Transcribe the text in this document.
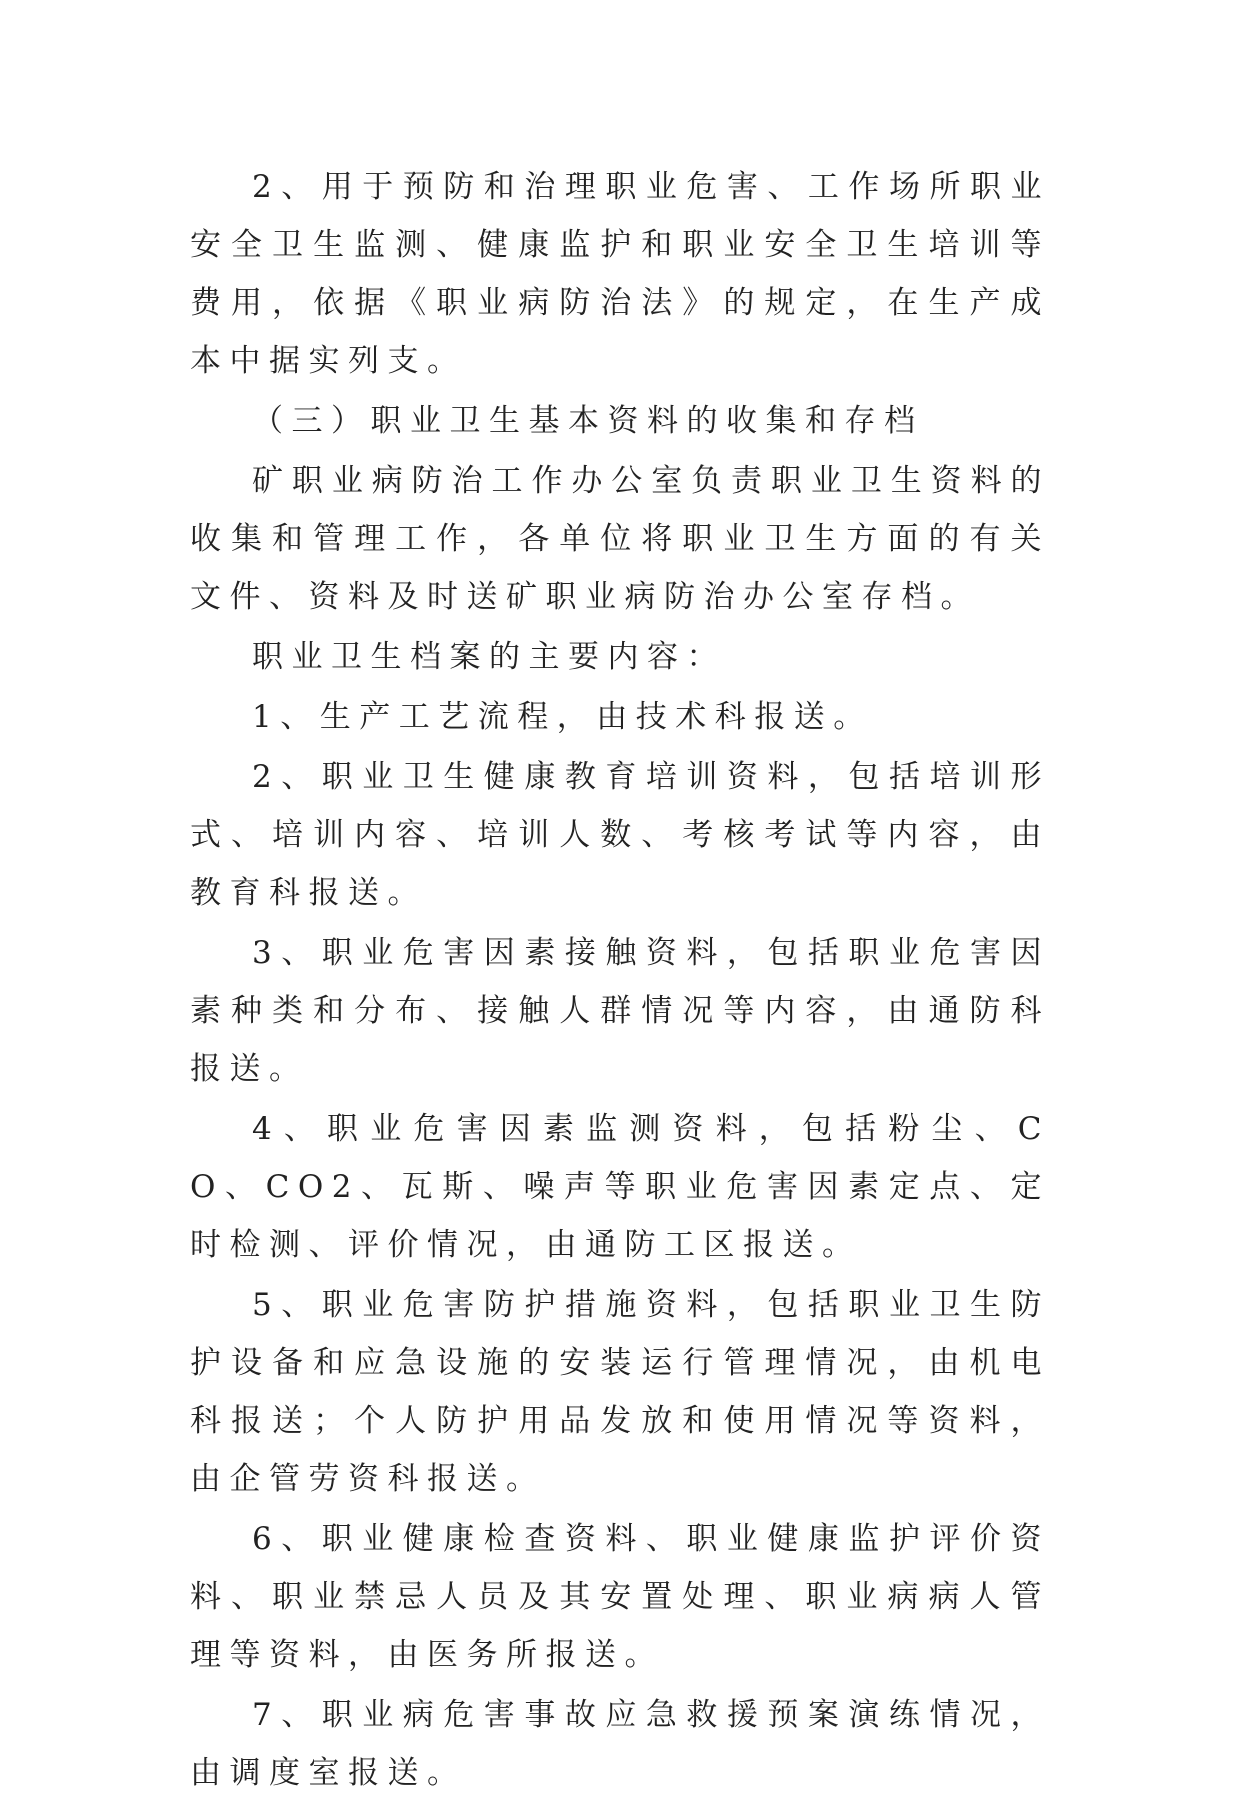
2、用于预防和治理职业危害、工作场所职业安全卫生监测、健康监护和职业安全卫生培训等费用，依据《职业病防治法》的规定，在生产成本中据实列支。

（三）职业卫生基本资料的收集和存档

矿职业病防治工作办公室负责职业卫生资料的收集和管理工作，各单位将职业卫生方面的有关文件、资料及时送矿职业病防治办公室存档。

职业卫生档案的主要内容：

1、生产工艺流程，由技术科报送。

2、职业卫生健康教育培训资料，包括培训形式、培训内容、培训人数、考核考试等内容，由教育科报送。

3、职业危害因素接触资料，包括职业危害因素种类和分布、接触人群情况等内容，由通防科报送。

4、职业危害因素监测资料，包括粉尘、CO、CO2、瓦斯、噪声等职业危害因素定点、定时检测、评价情况，由通防工区报送。

5、职业危害防护措施资料，包括职业卫生防护设备和应急设施的安装运行管理情况，由机电科报送；个人防护用品发放和使用情况等资料，由企管劳资科报送。

6、职业健康检查资料、职业健康监护评价资料、职业禁忌人员及其安置处理、职业病病人管理等资料，由医务所报送。

7、职业病危害事故应急救援预案演练情况，由调度室报送。
